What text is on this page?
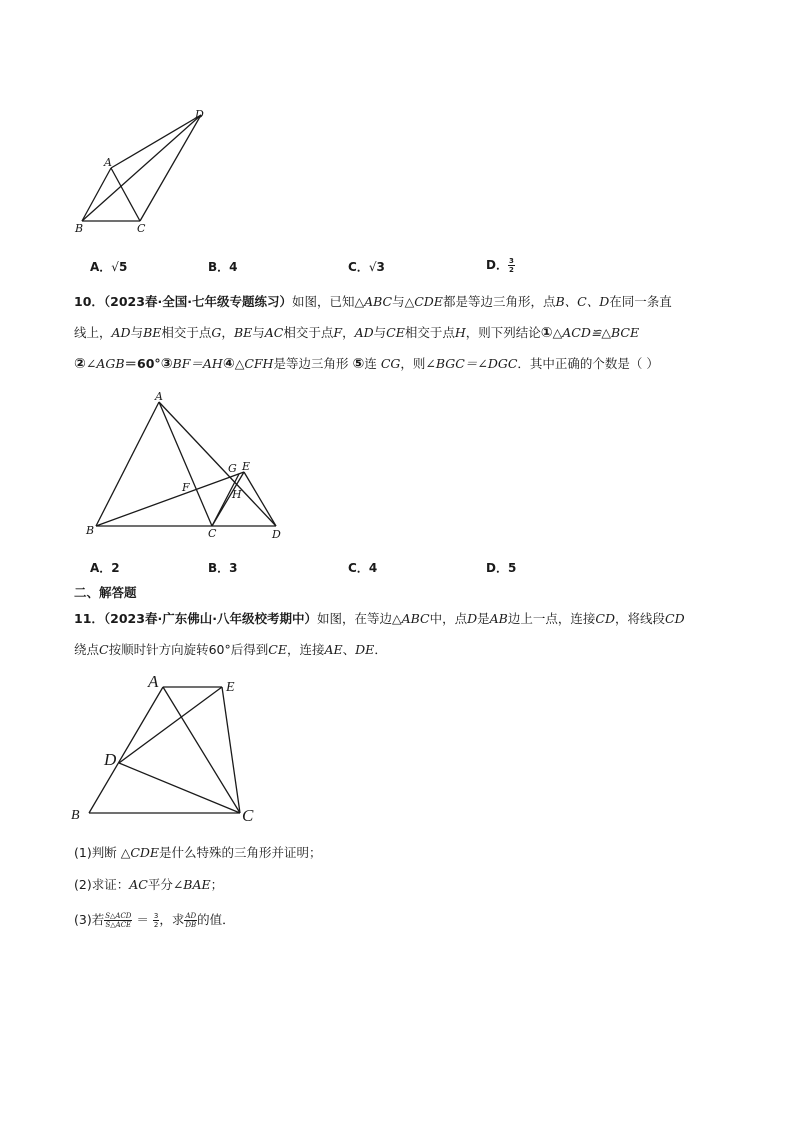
A
B	C
D
A．√5	B．4	C．√3	D． $\frac{3}{2}$
10．（2023春·全国·七年级专题练习）如图，已知△ABC与△CDE都是等边三角形，点B、C、D在同一条直
线上，AD与BE相交于点G，BE与AC相交于点F，AD与CE相交于点H，则下列结论①△ACD≌△BCE
②∠AGB＝60°③BF＝AH④△CFH是等边三角形 ⑤连 CG，则∠BGC＝∠DGC．其中正确的个数是（ ）
A
B	C	D
E
F
G
H
A．2	B．3	C．4	D．5
二、解答题
11．（2023春·广东佛山·八年级校考期中）如图，在等边△ABC中，点D是AB边上一点，连接CD，将线段CD
绕点C按顺时针方向旋转60°后得到CE，连接AE、DE．
A
B	C
D
E
(1)判断 △CDE是什么特殊的三角形并证明；
(2)求证：AC平分∠BAE；
(3)若 $\frac{\text{S△ACD}}{\text{S△ACE}} = \frac{3}{2}$ ，求 $\frac{AD}{DB}$ 的值．
